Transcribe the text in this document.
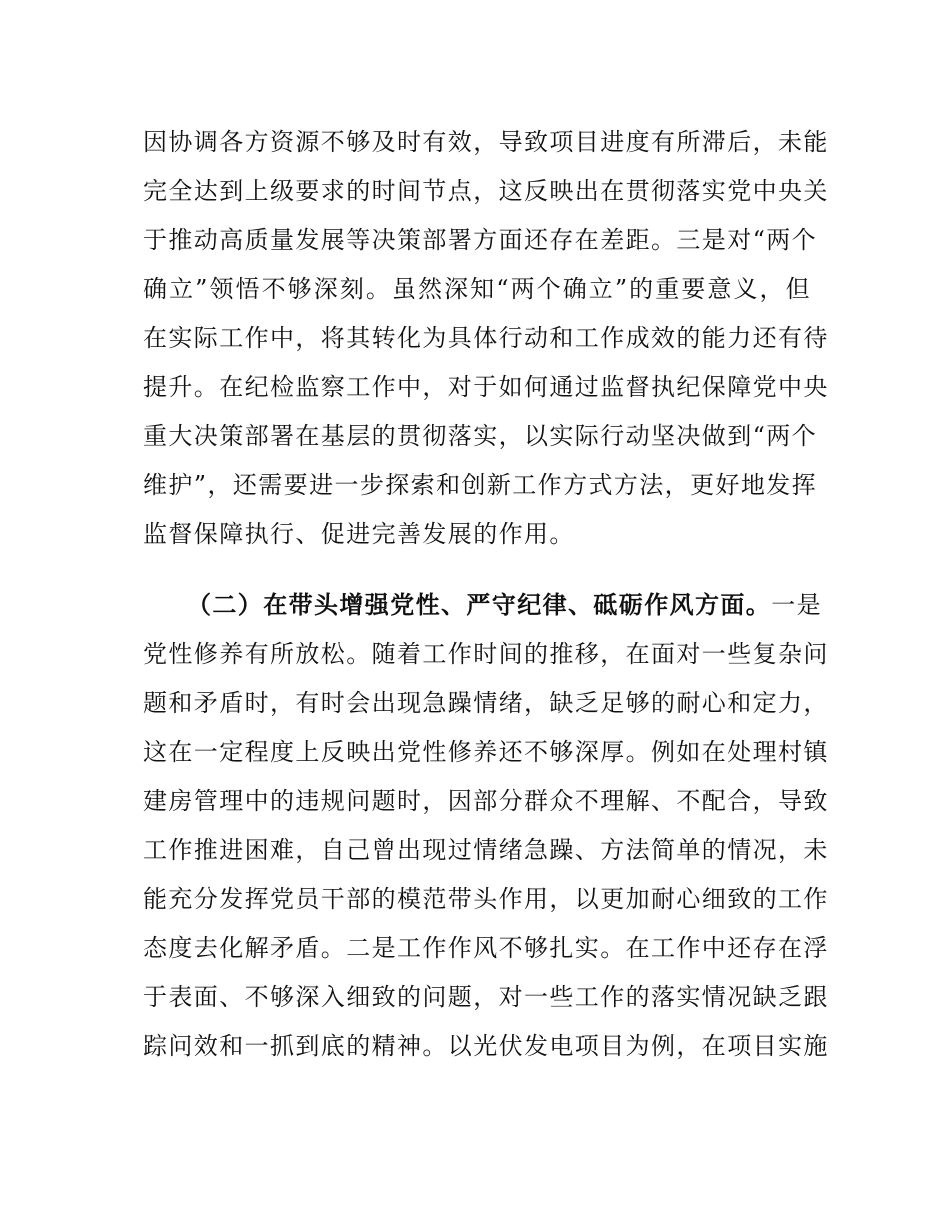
因协调各方资源不够及时有效，导致项目进度有所滞后，未能
完全达到上级要求的时间节点，这反映出在贯彻落实党中央关
于推动高质量发展等决策部署方面还存在差距。三是对“两个
确立”领悟不够深刻。虽然深知“两个确立”的重要意义，但
在实际工作中，将其转化为具体行动和工作成效的能力还有待
提升。在纪检监察工作中，对于如何通过监督执纪保障党中央
重大决策部署在基层的贯彻落实，以实际行动坚决做到“两个
维护”，还需要进一步探索和创新工作方式方法，更好地发挥
监督保障执行、促进完善发展的作用。
（二）在带头增强党性、严守纪律、砥砺作风方面。一是
党性修养有所放松。随着工作时间的推移，在面对一些复杂问
题和矛盾时，有时会出现急躁情绪，缺乏足够的耐心和定力，
这在一定程度上反映出党性修养还不够深厚。例如在处理村镇
建房管理中的违规问题时，因部分群众不理解、不配合，导致
工作推进困难，自己曾出现过情绪急躁、方法简单的情况，未
能充分发挥党员干部的模范带头作用，以更加耐心细致的工作
态度去化解矛盾。二是工作作风不够扎实。在工作中还存在浮
于表面、不够深入细致的问题，对一些工作的落实情况缺乏跟
踪问效和一抓到底的精神。以光伏发电项目为例，在项目实施
